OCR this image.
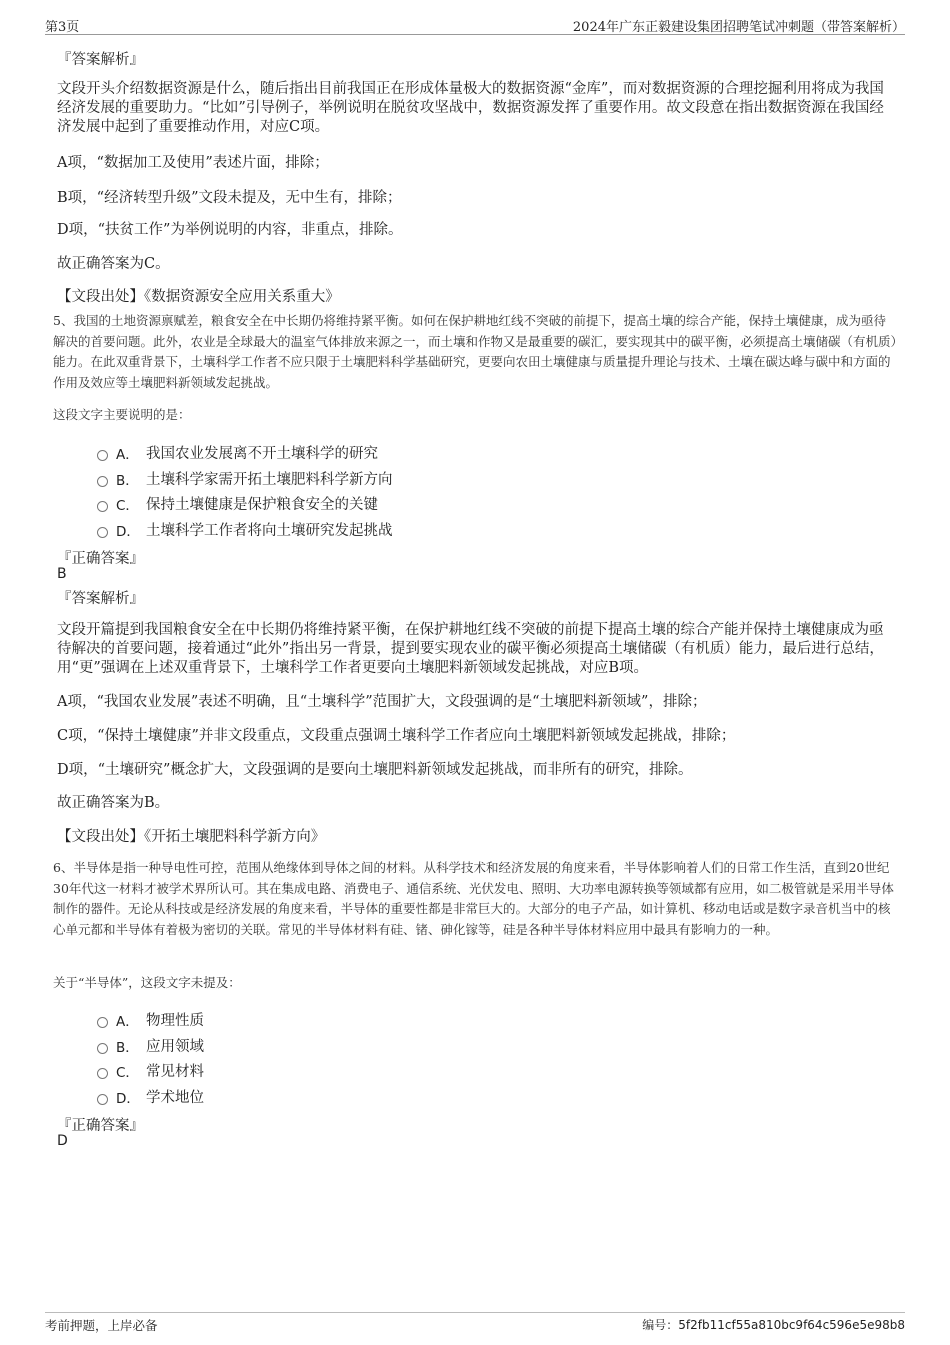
第3页	2024年广东正毅建设集团招聘笔试冲刺题（带答案解析）
『答案解析』
文段开头介绍数据资源是什么，随后指出目前我国正在形成体量极大的数据资源“金库”，而对数据资源的合理挖掘利用将成为我国经济发展的重要助力。“比如”引导例子，举例说明在脱贫攻坚战中，数据资源发挥了重要作用。故文段意在指出数据资源在我国经济发展中起到了重要推动作用，对应C项。
A项，“数据加工及使用”表述片面，排除；
B项，“经济转型升级”文段未提及，无中生有，排除；
D项，“扶贫工作”为举例说明的内容，非重点，排除。
故正确答案为C。
【文段出处】《数据资源安全应用关系重大》
5、我国的土地资源禀赋差，粮食安全在中长期仍将维持紧平衡。如何在保护耕地红线不突破的前提下，提高土壤的综合产能，保持土壤健康，成为亟待解决的首要问题。此外，农业是全球最大的温室气体排放来源之一，而土壤和作物又是最重要的碳汇，要实现其中的碳平衡，必须提高土壤储碳（有机质）能力。在此双重背景下，土壤科学工作者不应只限于土壤肥料科学基础研究，更要向农田土壤健康与质量提升理论与技术、土壤在碳达峰与碳中和方面的作用及效应等土壤肥料新领域发起挑战。
这段文字主要说明的是：
A． 我国农业发展离不开土壤科学的研究
B． 土壤科学家需开拓土壤肥料科学新方向
C． 保持土壤健康是保护粮食安全的关键
D． 土壤科学工作者将向土壤研究发起挑战
『正确答案』
B
『答案解析』
文段开篇提到我国粮食安全在中长期仍将维持紧平衡，在保护耕地红线不突破的前提下提高土壤的综合产能并保持土壤健康成为亟待解决的首要问题，接着通过“此外”指出另一背景，提到要实现农业的碳平衡必须提高土壤储碳（有机质）能力，最后进行总结，用“更”强调在上述双重背景下，土壤科学工作者更要向土壤肥料新领域发起挑战，对应B项。
A项，“我国农业发展”表述不明确，且“土壤科学”范围扩大，文段强调的是“土壤肥料新领域”，排除；
C项，“保持土壤健康”并非文段重点，文段重点强调土壤科学工作者应向土壤肥料新领域发起挑战，排除；
D项，“土壤研究”概念扩大，文段强调的是要向土壤肥料新领域发起挑战，而非所有的研究，排除。
故正确答案为B。
【文段出处】《开拓土壤肥料科学新方向》
6、半导体是指一种导电性可控，范围从绝缘体到导体之间的材料。从科学技术和经济发展的角度来看，半导体影响着人们的日常工作生活，直到20世纪30年代这一材料才被学术界所认可。其在集成电路、消费电子、通信系统、光伏发电、照明、大功率电源转换等领域都有应用，如二极管就是采用半导体制作的器件。无论从科技或是经济发展的角度来看，半导体的重要性都是非常巨大的。大部分的电子产品，如计算机、移动电话或是数字录音机当中的核心单元都和半导体有着极为密切的关联。常见的半导体材料有硅、锗、砷化镓等，硅是各种半导体材料应用中最具有影响力的一种。
关于“半导体”，这段文字未提及：
A． 物理性质
B． 应用领域
C． 常见材料
D． 学术地位
『正确答案』
D
考前押题，上岸必备	编号：5f2fb11cf55a810bc9f64c596e5e98b8
